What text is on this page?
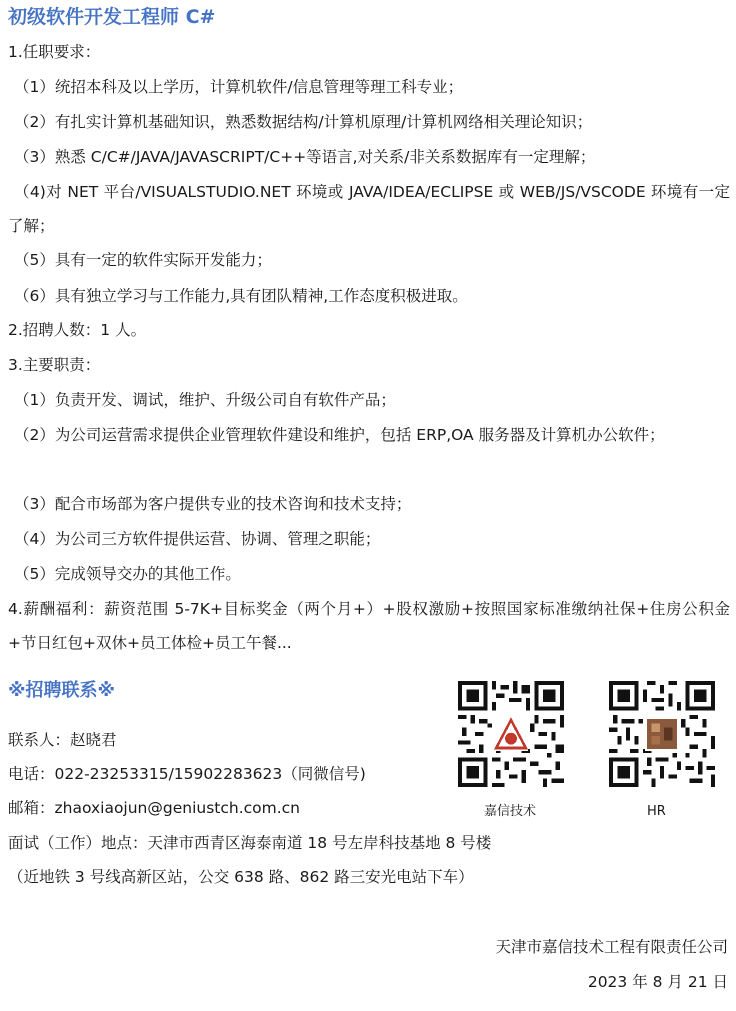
初级软件开发工程师 C#
1.任职要求：
（1）统招本科及以上学历，计算机软件/信息管理等理工科专业；
（2）有扎实计算机基础知识，熟悉数据结构/计算机原理/计算机网络相关理论知识；
（3）熟悉 C/C#/JAVA/JAVASCRIPT/C++等语言,对关系/非关系数据库有一定理解；
（4)对 NET 平台/VISUALSTUDIO.NET 环境或 JAVA/IDEA/ECLIPSE 或 WEB/JS/VSCODE 环境有一定了解；
（5）具有一定的软件实际开发能力；
（6）具有独立学习与工作能力,具有团队精神,工作态度积极进取。
2.招聘人数：1 人。
3.主要职责：
（1）负责开发、调试，维护、升级公司自有软件产品；
（2）为公司运营需求提供企业管理软件建设和维护，包括 ERP,OA 服务器及计算机办公软件；
（3）配合市场部为客户提供专业的技术咨询和技术支持；
（4）为公司三方软件提供运营、协调、管理之职能；
（5）完成领导交办的其他工作。
4.薪酬福利：薪资范围 5-7K+目标奖金（两个月+）+股权激励+按照国家标准缴纳社保+住房公积金+节日红包+双休+员工体检+员工午餐...
※招聘联系※
联系人：赵晓君
电话：022-23253315/15902283623（同微信号)
邮箱：zhaoxiaojun@geniustch.com.cn
面试（工作）地点：天津市西青区海泰南道 18 号左岸科技基地 8 号楼
（近地铁 3 号线高新区站，公交 638 路、862 路三安光电站下车）
嘉信技术	HR
天津市嘉信技术工程有限责任公司
2023 年 8 月 21 日
